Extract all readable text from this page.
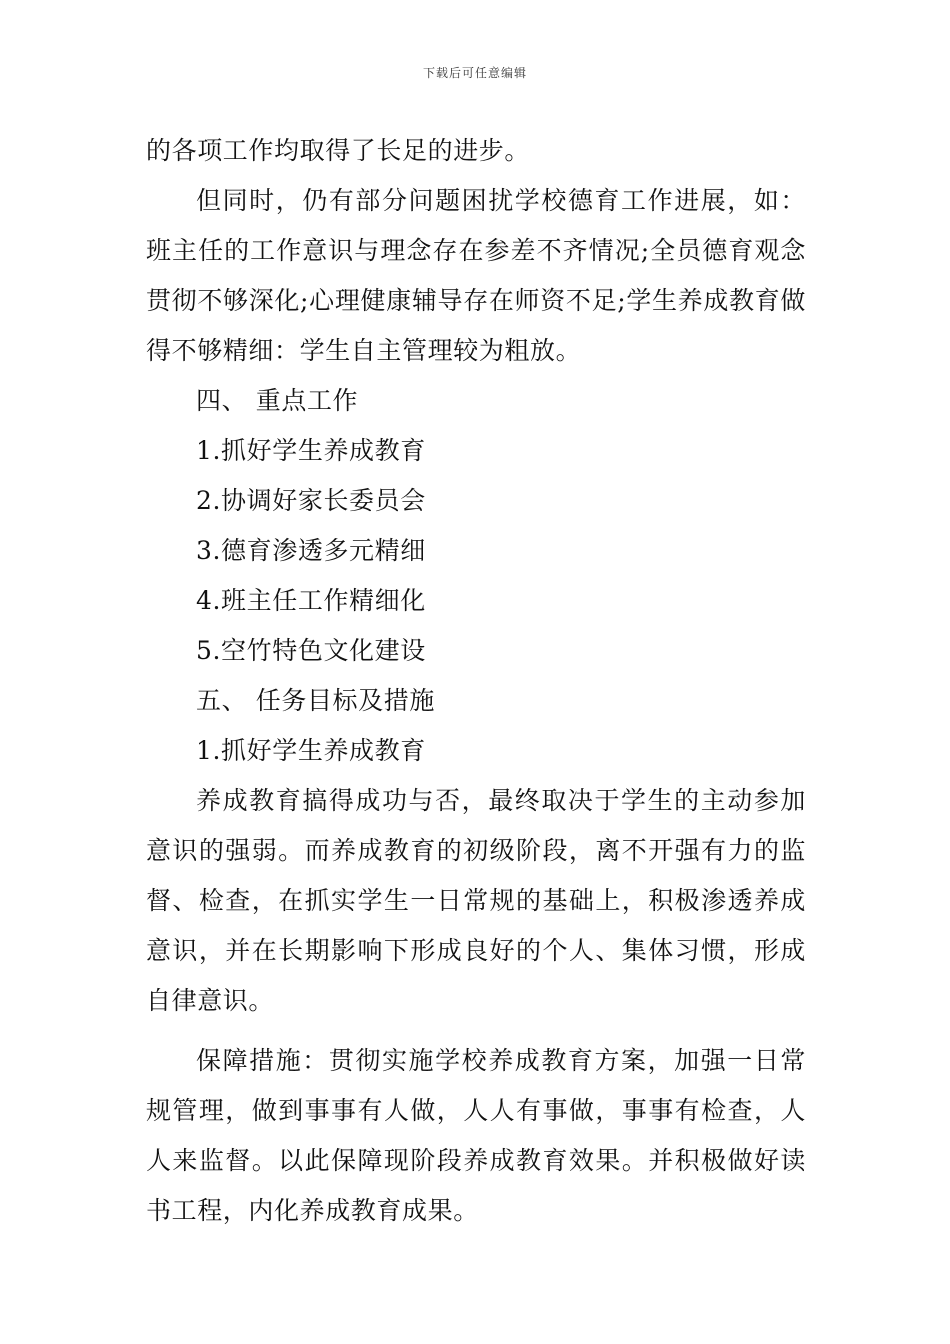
下载后可任意编辑

的各项工作均取得了长足的进步。

但同时，仍有部分问题困扰学校德育工作进展，如：班主任的工作意识与理念存在参差不齐情况;全员德育观念贯彻不够深化;心理健康辅导存在师资不足;学生养成教育做得不够精细：学生自主管理较为粗放。

四、 重点工作

1.抓好学生养成教育

2.协调好家长委员会

3.德育渗透多元精细

4.班主任工作精细化

5.空竹特色文化建设

五、 任务目标及措施

1.抓好学生养成教育

养成教育搞得成功与否，最终取决于学生的主动参加意识的强弱。而养成教育的初级阶段，离不开强有力的监督、检查，在抓实学生一日常规的基础上，积极渗透养成意识，并在长期影响下形成良好的个人、集体习惯，形成自律意识。

保障措施：贯彻实施学校养成教育方案，加强一日常规管理，做到事事有人做，人人有事做，事事有检查，人人来监督。以此保障现阶段养成教育效果。并积极做好读书工程，内化养成教育成果。
